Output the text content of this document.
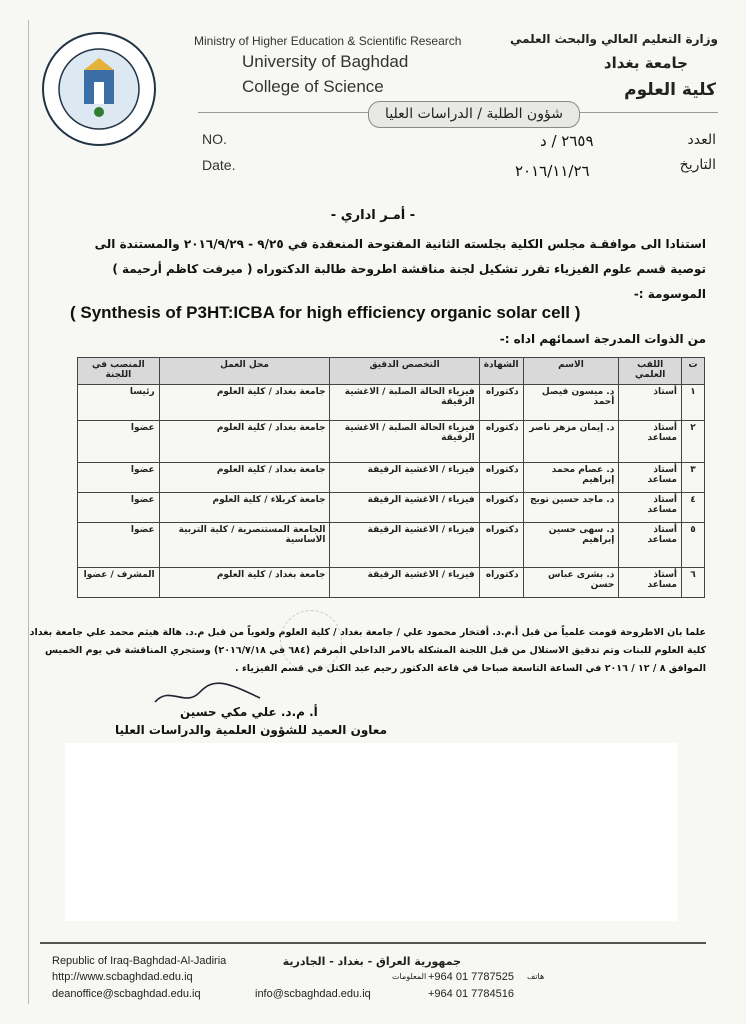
Ministry of Higher Education & Scientific Research
University of Baghdad
College of Science
وزارة التعليم العالي والبحث العلمي
جامعة بغداد
كلية العلوم
شؤون الطلبة / الدراسات العليا
NO.
Date.
العدد
٢٦٥٩ / د
التاريخ
٢٠١٦/١١/٢٦
- أمـر اداري -
استنادا الى موافقـة مجلس الكلية بجلسته الثانية المفتوحة المنعقدة في ٩/٢٥ - ٢٠١٦/٩/٢٩ والمستندة الى
توصية قسم علوم الفيزياء تقرر تشكيل لجنة مناقشة اطروحة طالبة الدكتوراه ( ميرفت كاظم أرحيمة )
الموسومة :-
( Synthesis of P3HT:ICBA for high efficiency organic solar cell )
من الذوات المدرجة اسمائهم اداه :-
ت	اللقب العلمي	الاسم	الشهادة	التخصص الدقيق	محل العمل	المنصب في اللجنة
١	أستاذ	د. ميسون فيصل أحمد	دكتوراه	فيزياء الحالة الصلبة / الاغشية الرقيقة	جامعة بغداد / كلية العلوم	رئيسا
٢	أستاذ مساعد	د. إيمان مزهر ناصر	دكتوراه	فيزياء الحالة الصلبة / الاغشية الرقيقة	جامعة بغداد / كلية العلوم	عضوا
٣	أستاذ مساعد	د. عصام محمد إبراهيم	دكتوراه	فيزياء / الاغشية الرقيقة	جامعة بغداد / كلية العلوم	عضوا
٤	أستاذ مساعد	د. ماجد حسين تويج	دكتوراه	فيزياء / الاغشية الرقيقة	جامعة كربلاء / كلية العلوم	عضوا
٥	أستاذ مساعد	د. سهى حسين إبراهيم	دكتوراه	فيزياء / الاغشية الرقيقة	الجامعة المستنصرية / كلية التربية الاساسية	عضوا
٦	أستاذ مساعد	د. بشرى عباس حسن	دكتوراه	فيزياء / الاغشية الرقيقة	جامعة بغداد / كلية العلوم	المشرف / عضوا
علما بان الاطروحة قومت علمياً من قبل أ.م.د. أفتخار محمود علي / جامعة بغداد / كلية العلوم ولغوياً من قبل م.د. هالة هيثم محمد علي جامعة بغداد
كلية العلوم للبنات وتم تدقيق الاستلال من قبل اللجنة المشكلة بالامر الداخلي المرقم (٦٨٤ في ٢٠١٦/٧/١٨) وستجري المناقشة في يوم الخميس
الموافق ٨ / ١٢ / ٢٠١٦ في الساعة التاسعة صباحا في قاعة الدكتور رحيم عبد الكتل في قسم الفيزياء .
أ. م.د. علي مكي حسين
معاون العميد للشؤون العلمية والدراسات العليا
Republic of Iraq-Baghdad-Al-Jadiria
http://www.scbaghdad.edu.iq
deanoffice@scbaghdad.edu.iq	info@scbaghdad.edu.iq
جمهورية العراق - بغداد - الجادرية
المعلومات +964 01 7787525 هاتف
+964 01 7784516
